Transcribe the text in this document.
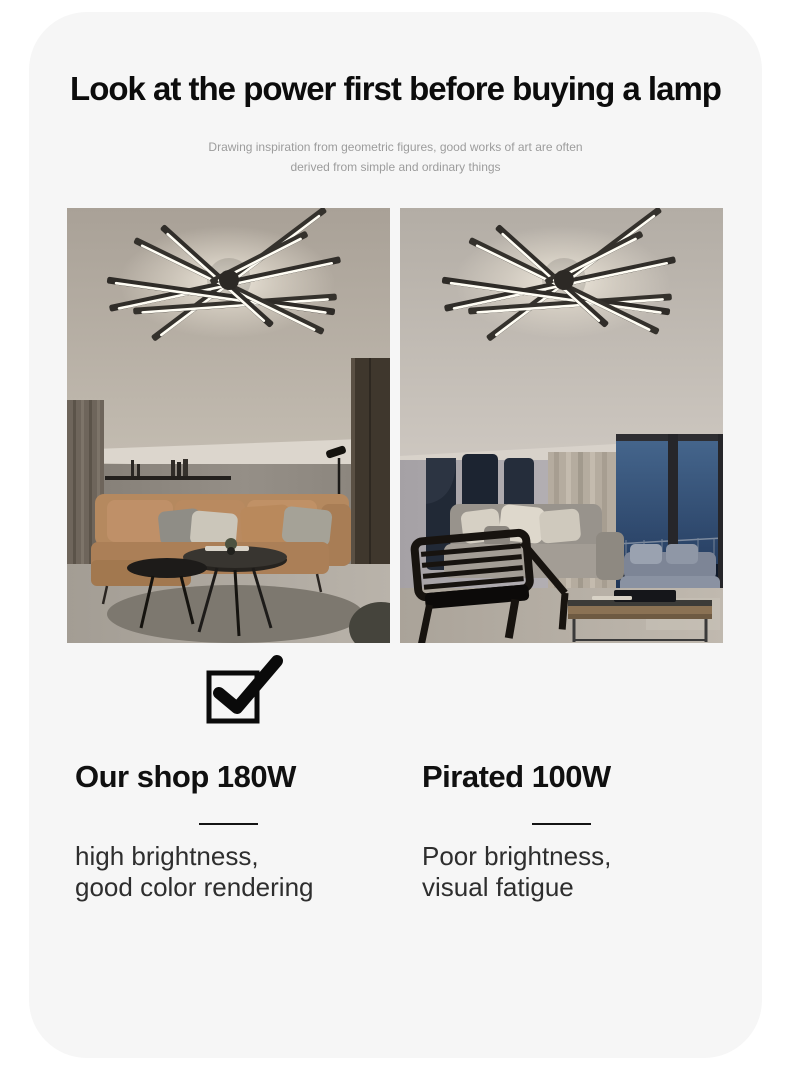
Look at the power first before buying a lamp
Drawing inspiration from geometric figures, good works of art are often
derived from simple and ordinary things
Our shop 180W
high brightness,
good color rendering
Pirated 100W
Poor brightness,
visual fatigue
